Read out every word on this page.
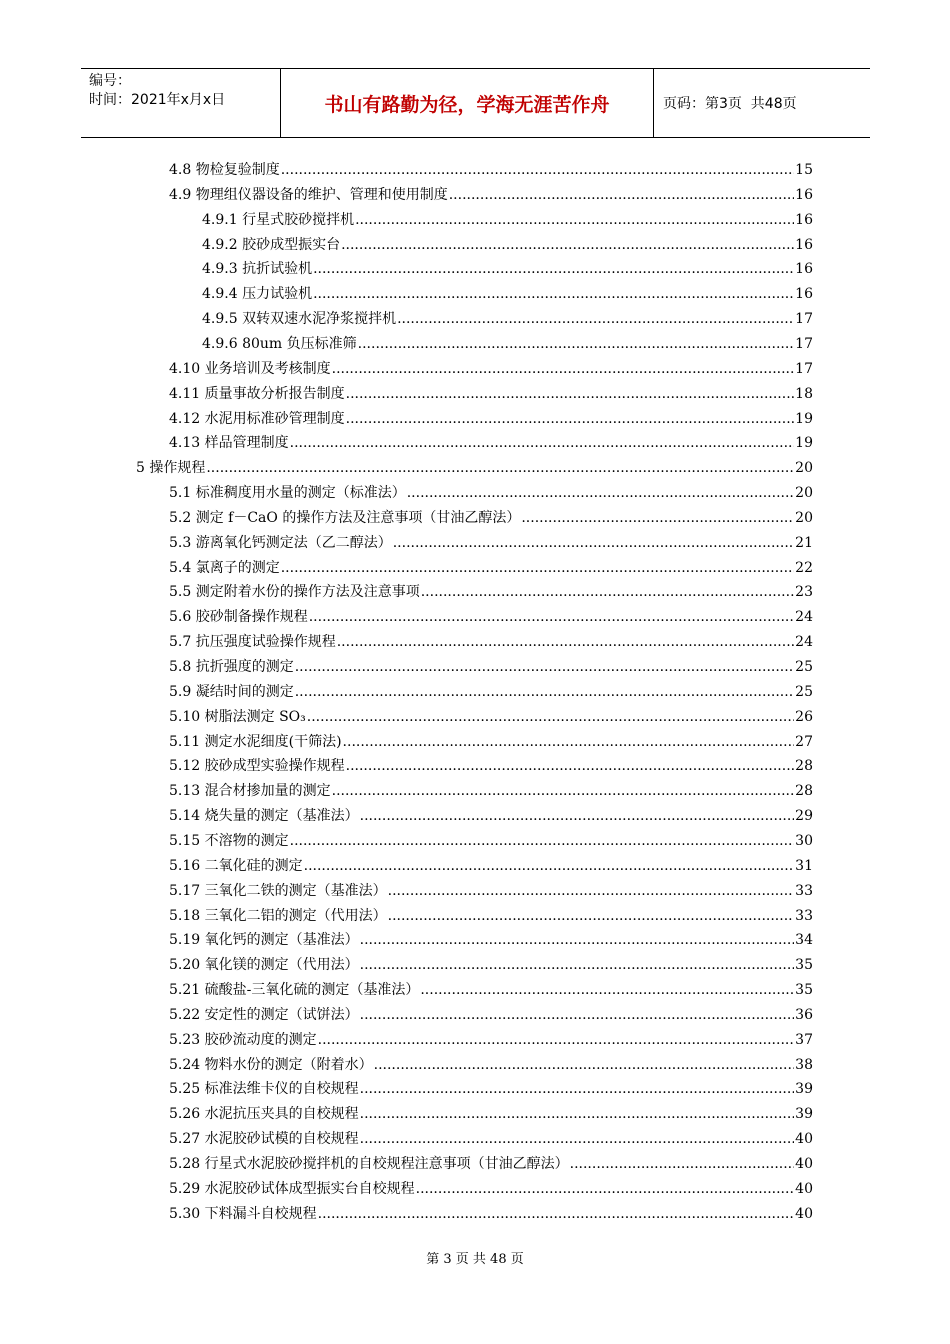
编号：
时间：2021年x月x日	书山有路勤为径，学海无涯苦作舟	页码：第3页  共48页
4.8 物检复验制度 .....	15
4.9 物理组仪器设备的维护、管理和使用制度 .....	16
4.9.1 行星式胶砂搅拌机 .....	16
4.9.2 胶砂成型振实台 .....	16
4.9.3 抗折试验机 .....	16
4.9.4 压力试验机 .....	16
4.9.5 双转双速水泥净浆搅拌机 .....	17
4.9.6 80um 负压标准筛 .....	17
4.10 业务培训及考核制度 .....	17
4.11 质量事故分析报告制度 .....	18
4.12 水泥用标准砂管理制度 .....	19
4.13 样品管理制度 .....	19
5 操作规程 .....	20
5.1 标准稠度用水量的测定（标准法） .....	20
5.2 测定 f－CaO 的操作方法及注意事项（甘油乙醇法） .....	20
5.3 游离氧化钙测定法（乙二醇法） .....	21
5.4 氯离子的测定 .....	22
5.5 测定附着水份的操作方法及注意事项 .....	23
5.6 胶砂制备操作规程 .....	24
5.7 抗压强度试验操作规程 .....	24
5.8 抗折强度的测定 .....	25
5.9 凝结时间的测定 .....	25
5.10 树脂法测定 SO₃ .....	26
5.11 测定水泥细度(干筛法) .....	27
5.12 胶砂成型实验操作规程 .....	28
5.13 混合材掺加量的测定 .....	28
5.14 烧失量的测定（基准法） .....	29
5.15 不溶物的测定 .....	30
5.16 二氧化硅的测定 .....	31
5.17 三氧化二铁的测定（基准法） .....	33
5.18 三氧化二铝的测定（代用法） .....	33
5.19 氧化钙的测定（基准法） .....	34
5.20 氧化镁的测定（代用法） .....	35
5.21 硫酸盐-三氧化硫的测定（基准法） .....	35
5.22 安定性的测定（试饼法） .....	36
5.23 胶砂流动度的测定 .....	37
5.24 物料水份的测定（附着水） .....	38
5.25 标准法维卡仪的自校规程 .....	39
5.26 水泥抗压夹具的自校规程 .....	39
5.27 水泥胶砂试模的自校规程 .....	40
5.28 行星式水泥胶砂搅拌机的自校规程注意事项（甘油乙醇法） .....	40
5.29 水泥胶砂试体成型振实台自校规程 .....	40
5.30 下料漏斗自校规程 .....	40
第 3 页 共 48 页
